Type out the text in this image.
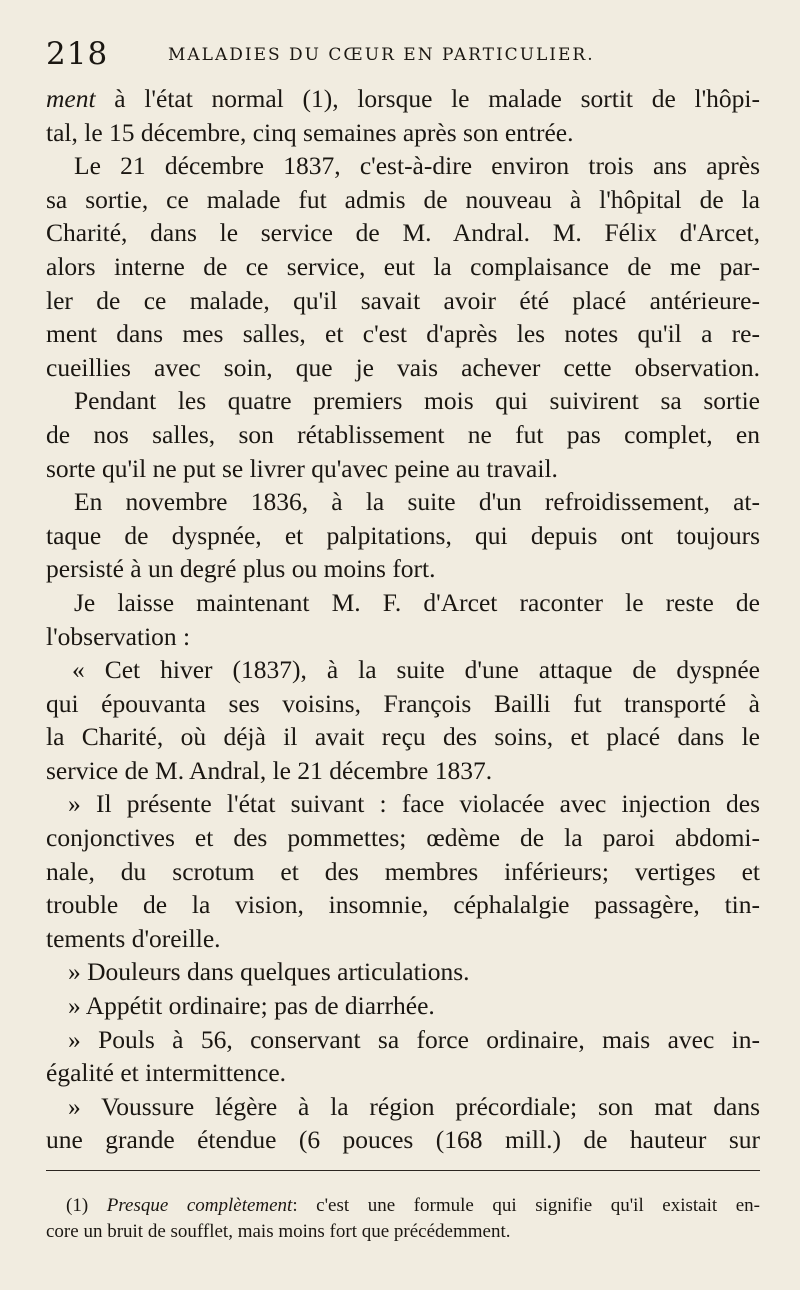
218	MALADIES DU CŒUR EN PARTICULIER.
ment à l'état normal (1), lorsque le malade sortit de l'hôpi-
tal, le 15 décembre, cinq semaines après son entrée.
Le 21 décembre 1837, c'est-à-dire environ trois ans après
sa sortie, ce malade fut admis de nouveau à l'hôpital de la
Charité, dans le service de M. Andral. M. Félix d'Arcet,
alors interne de ce service, eut la complaisance de me par-
ler de ce malade, qu'il savait avoir été placé antérieure-
ment dans mes salles, et c'est d'après les notes qu'il a re-
cueillies avec soin, que je vais achever cette observation.
Pendant les quatre premiers mois qui suivirent sa sortie
de nos salles, son rétablissement ne fut pas complet, en
sorte qu'il ne put se livrer qu'avec peine au travail.
En novembre 1836, à la suite d'un refroidissement, at-
taque de dyspnée, et palpitations, qui depuis ont toujours
persisté à un degré plus ou moins fort.
Je laisse maintenant M. F. d'Arcet raconter le reste de
l'observation :
« Cet hiver (1837), à la suite d'une attaque de dyspnée
qui épouvanta ses voisins, François Bailli fut transporté à
la Charité, où déjà il avait reçu des soins, et placé dans le
service de M. Andral, le 21 décembre 1837.
» Il présente l'état suivant : face violacée avec injection des
conjonctives et des pommettes; œdème de la paroi abdomi-
nale, du scrotum et des membres inférieurs; vertiges et
trouble de la vision, insomnie, céphalalgie passagère, tin-
tements d'oreille.
» Douleurs dans quelques articulations.
» Appétit ordinaire; pas de diarrhée.
» Pouls à 56, conservant sa force ordinaire, mais avec in-
égalité et intermittence.
» Voussure légère à la région précordiale; son mat dans
une grande étendue (6 pouces (168 mill.) de hauteur sur
(1) Presque complètement: c'est une formule qui signifie qu'il existait en-
core un bruit de soufflet, mais moins fort que précédemment.
